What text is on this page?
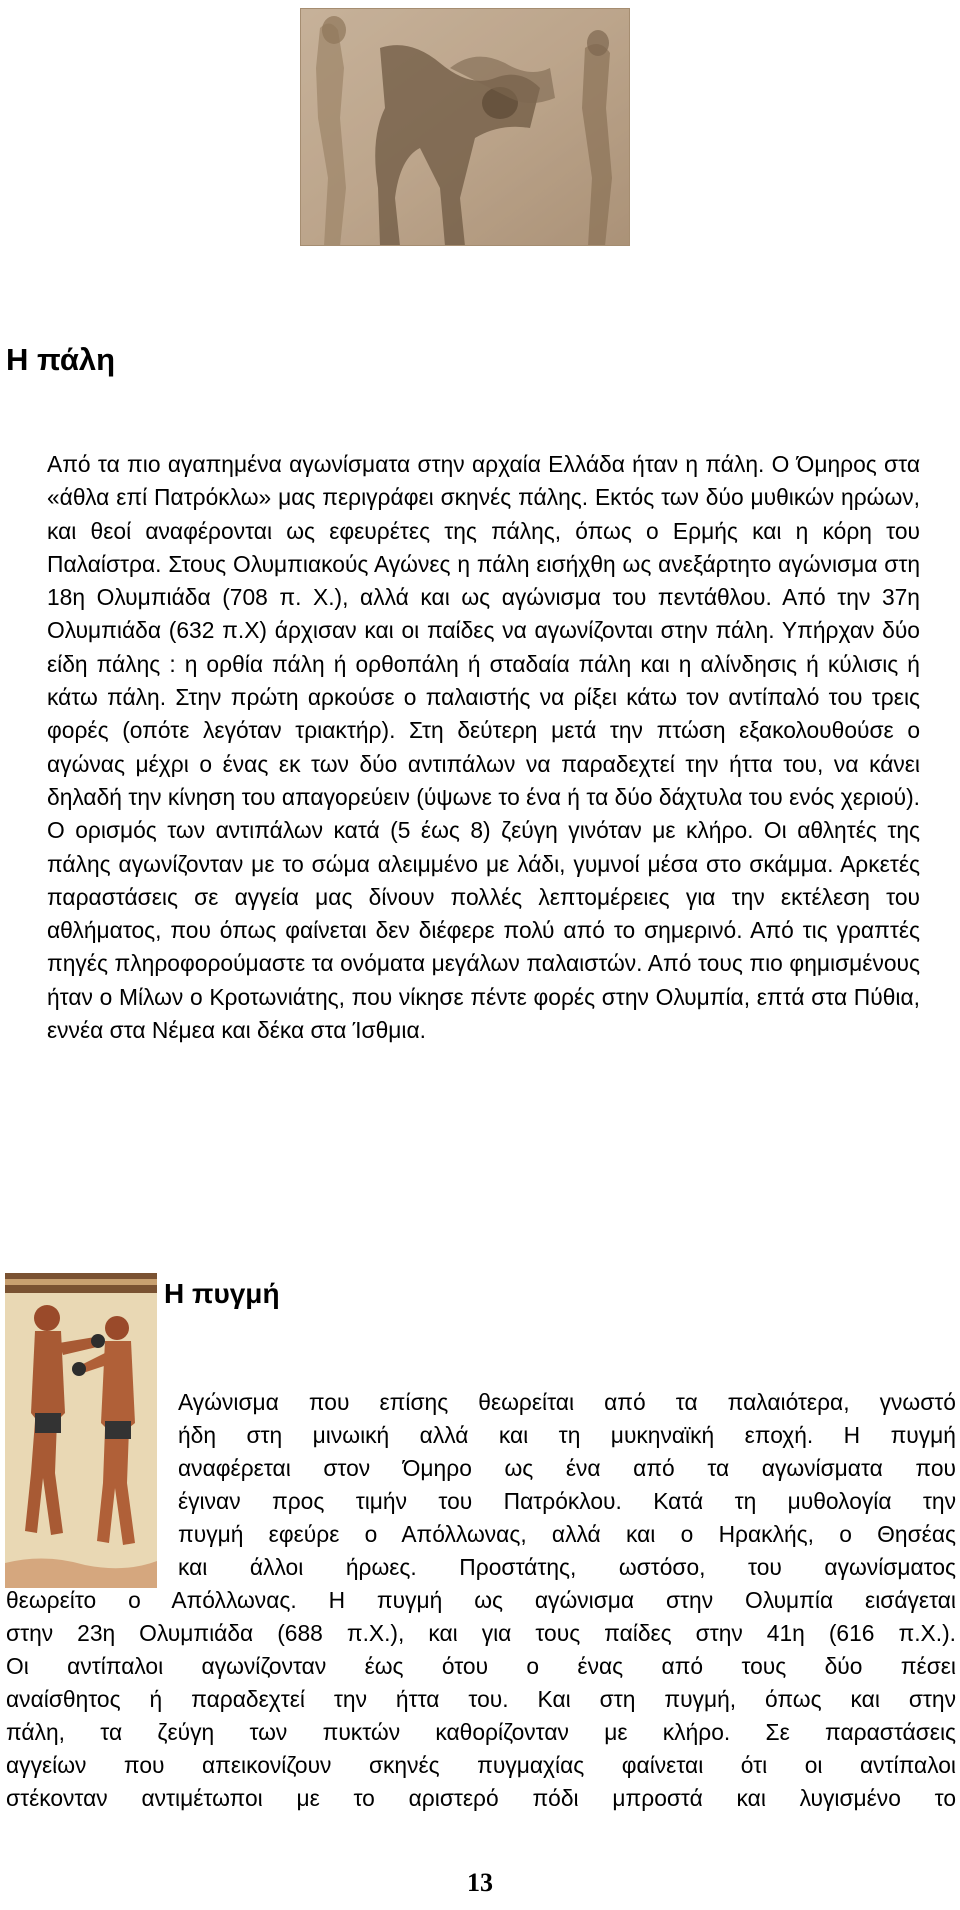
Η πάλη

Από τα πιο αγαπημένα αγωνίσματα στην αρχαία Ελλάδα ήταν η πάλη. Ο Όμηρος στα «άθλα επί Πατρόκλω» μας περιγράφει σκηνές πάλης. Εκτός των δύο μυθικών ηρώων, και θεοί αναφέρονται ως εφευρέτες της πάλης, όπως ο Ερμής και η κόρη του Παλαίστρα. Στους Ολυμπιακούς Αγώνες η πάλη εισήχθη ως ανεξάρτητο αγώνισμα στη 18η Ολυμπιάδα (708 π. Χ.), αλλά και ως αγώνισμα του πεντάθλου. Από την 37η Ολυμπιάδα (632 π.Χ) άρχισαν και οι παίδες να αγωνίζονται στην πάλη. Υπήρχαν δύο είδη πάλης : η ορθία πάλη ή ορθοπάλη ή σταδαία πάλη και η αλίνδησις ή κύλισις ή κάτω πάλη. Στην πρώτη αρκούσε ο παλαιστής να ρίξει κάτω τον αντίπαλό του τρεις φορές (οπότε λεγόταν τριακτήρ). Στη δεύτερη μετά την πτώση εξακολουθούσε ο αγώνας μέχρι ο ένας εκ των δύο αντιπάλων να παραδεχτεί την ήττα του, να κάνει δηλαδή την κίνηση του απαγορεύειν (ύψωνε το ένα ή τα δύο δάχτυλα του ενός χεριού). Ο ορισμός των αντιπάλων κατά (5 έως 8) ζεύγη γινόταν με κλήρο. Οι αθλητές της πάλης αγωνίζονταν με το σώμα αλειμμένο με λάδι, γυμνοί μέσα στο σκάμμα. Αρκετές παραστάσεις σε αγγεία μας δίνουν πολλές λεπτομέρειες για την εκτέλεση του αθλήματος, που όπως φαίνεται δεν διέφερε πολύ από το σημερινό. Από τις γραπτές πηγές πληροφορούμαστε τα ονόματα μεγάλων παλαιστών. Από τους πιο φημισμένους ήταν ο Μίλων ο Κροτωνιάτης, που νίκησε πέντε φορές στην Ολυμπία, επτά στα Πύθια, εννέα στα Νέμεα και δέκα στα Ίσθμια.

Η πυγμή
Αγώνισμα που επίσης θεωρείται από τα παλαιότερα, γνωστό
ήδη στη μινωική αλλά και τη μυκηναϊκή εποχή. Η πυγμή
αναφέρεται στον Όμηρο ως ένα από τα αγωνίσματα που
έγιναν προς τιμήν του Πατρόκλου. Κατά τη μυθολογία την
πυγμή εφεύρε ο Απόλλωνας, αλλά και ο Ηρακλής, ο Θησέας
και άλλοι ήρωες. Προστάτης, ωστόσο, του αγωνίσματος
θεωρείτο ο Απόλλωνας. Η πυγμή ως αγώνισμα στην Ολυμπία εισάγεται
στην 23η Ολυμπιάδα (688 π.Χ.), και για τους παίδες στην 41η (616 π.Χ.).
Οι αντίπαλοι αγωνίζονταν έως ότου ο ένας από τους δύο πέσει
αναίσθητος ή παραδεχτεί την ήττα του. Και στη πυγμή, όπως και στην
πάλη, τα ζεύγη των πυκτών καθορίζονταν με κλήρο. Σε παραστάσεις
αγγείων που απεικονίζουν σκηνές πυγμαχίας φαίνεται ότι οι αντίπαλοι
στέκονταν αντιμέτωποι με το αριστερό πόδι μπροστά και λυγισμένο το
13
